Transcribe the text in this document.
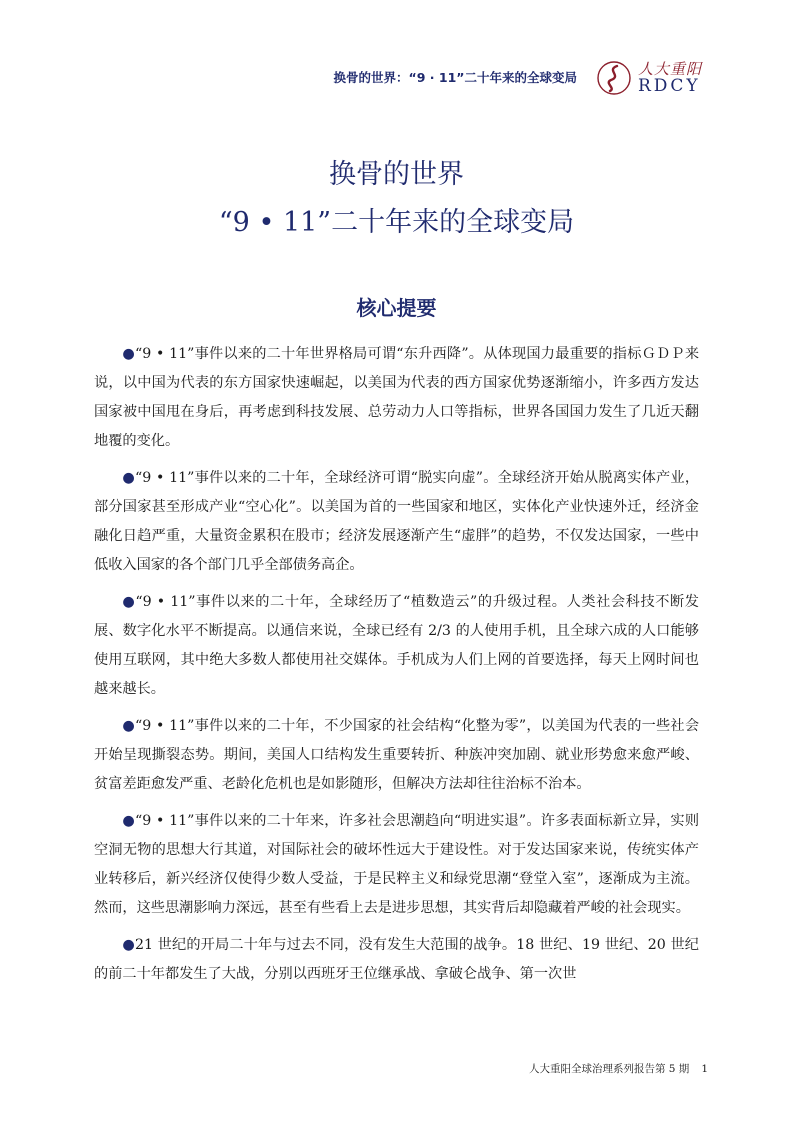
换骨的世界：“9 · 11”二十年来的全球变局	人大重阳
RDCY
换骨的世界
“9 • 11”二十年来的全球变局
核心提要

●“9 • 11”事件以来的二十年世界格局可谓“东升西降”。从体现国力最重要的指标ＧＤＰ来说，以中国为代表的东方国家快速崛起，以美国为代表的西方国家优势逐渐缩小，许多西方发达国家被中国甩在身后，再考虑到科技发展、总劳动力人口等指标，世界各国国力发生了几近天翻地覆的变化。

●“9 • 11”事件以来的二十年，全球经济可谓“脱实向虚”。全球经济开始从脱离实体产业，部分国家甚至形成产业“空心化”。以美国为首的一些国家和地区，实体化产业快速外迁，经济金融化日趋严重，大量资金累积在股市；经济发展逐渐产生“虚胖”的趋势，不仅发达国家，一些中低收入国家的各个部门几乎全部债务高企。

●“9 • 11”事件以来的二十年，全球经历了“植数造云”的升级过程。人类社会科技不断发展、数字化水平不断提高。以通信来说，全球已经有 2/3 的人使用手机，且全球六成的人口能够使用互联网，其中绝大多数人都使用社交媒体。手机成为人们上网的首要选择，每天上网时间也越来越长。

●“9 • 11”事件以来的二十年，不少国家的社会结构“化整为零”，以美国为代表的一些社会开始呈现撕裂态势。期间，美国人口结构发生重要转折、种族冲突加剧、就业形势愈来愈严峻、贫富差距愈发严重、老龄化危机也是如影随形，但解决方法却往往治标不治本。

●“9 • 11”事件以来的二十年来，许多社会思潮趋向“明进实退”。许多表面标新立异，实则空洞无物的思想大行其道，对国际社会的破坏性远大于建设性。对于发达国家来说，传统实体产业转移后，新兴经济仅使得少数人受益，于是民粹主义和绿党思潮“登堂入室”，逐渐成为主流。然而，这些思潮影响力深远，甚至有些看上去是进步思想，其实背后却隐藏着严峻的社会现实。

●21 世纪的开局二十年与过去不同，没有发生大范围的战争。18 世纪、19 世纪、20 世纪的前二十年都发生了大战，分别以西班牙王位继承战、拿破仑战争、第一次世

人大重阳全球治理系列报告第 5 期 1
